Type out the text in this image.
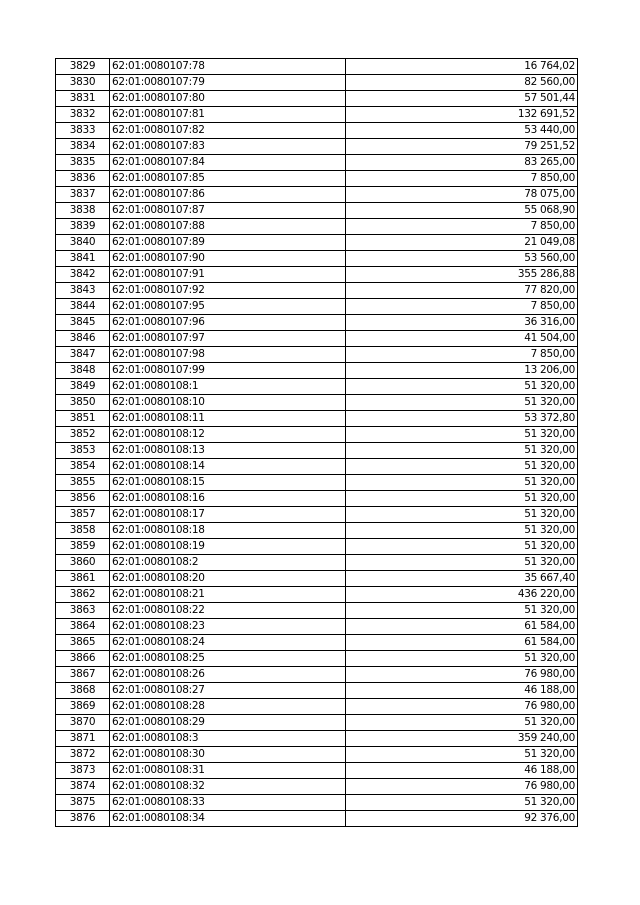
3829	62:01:0080107:78	16 764,02
3830	62:01:0080107:79	82 560,00
3831	62:01:0080107:80	57 501,44
3832	62:01:0080107:81	132 691,52
3833	62:01:0080107:82	53 440,00
3834	62:01:0080107:83	79 251,52
3835	62:01:0080107:84	83 265,00
3836	62:01:0080107:85	7 850,00
3837	62:01:0080107:86	78 075,00
3838	62:01:0080107:87	55 068,90
3839	62:01:0080107:88	7 850,00
3840	62:01:0080107:89	21 049,08
3841	62:01:0080107:90	53 560,00
3842	62:01:0080107:91	355 286,88
3843	62:01:0080107:92	77 820,00
3844	62:01:0080107:95	7 850,00
3845	62:01:0080107:96	36 316,00
3846	62:01:0080107:97	41 504,00
3847	62:01:0080107:98	7 850,00
3848	62:01:0080107:99	13 206,00
3849	62:01:0080108:1	51 320,00
3850	62:01:0080108:10	51 320,00
3851	62:01:0080108:11	53 372,80
3852	62:01:0080108:12	51 320,00
3853	62:01:0080108:13	51 320,00
3854	62:01:0080108:14	51 320,00
3855	62:01:0080108:15	51 320,00
3856	62:01:0080108:16	51 320,00
3857	62:01:0080108:17	51 320,00
3858	62:01:0080108:18	51 320,00
3859	62:01:0080108:19	51 320,00
3860	62:01:0080108:2	51 320,00
3861	62:01:0080108:20	35 667,40
3862	62:01:0080108:21	436 220,00
3863	62:01:0080108:22	51 320,00
3864	62:01:0080108:23	61 584,00
3865	62:01:0080108:24	61 584,00
3866	62:01:0080108:25	51 320,00
3867	62:01:0080108:26	76 980,00
3868	62:01:0080108:27	46 188,00
3869	62:01:0080108:28	76 980,00
3870	62:01:0080108:29	51 320,00
3871	62:01:0080108:3	359 240,00
3872	62:01:0080108:30	51 320,00
3873	62:01:0080108:31	46 188,00
3874	62:01:0080108:32	76 980,00
3875	62:01:0080108:33	51 320,00
3876	62:01:0080108:34	92 376,00
